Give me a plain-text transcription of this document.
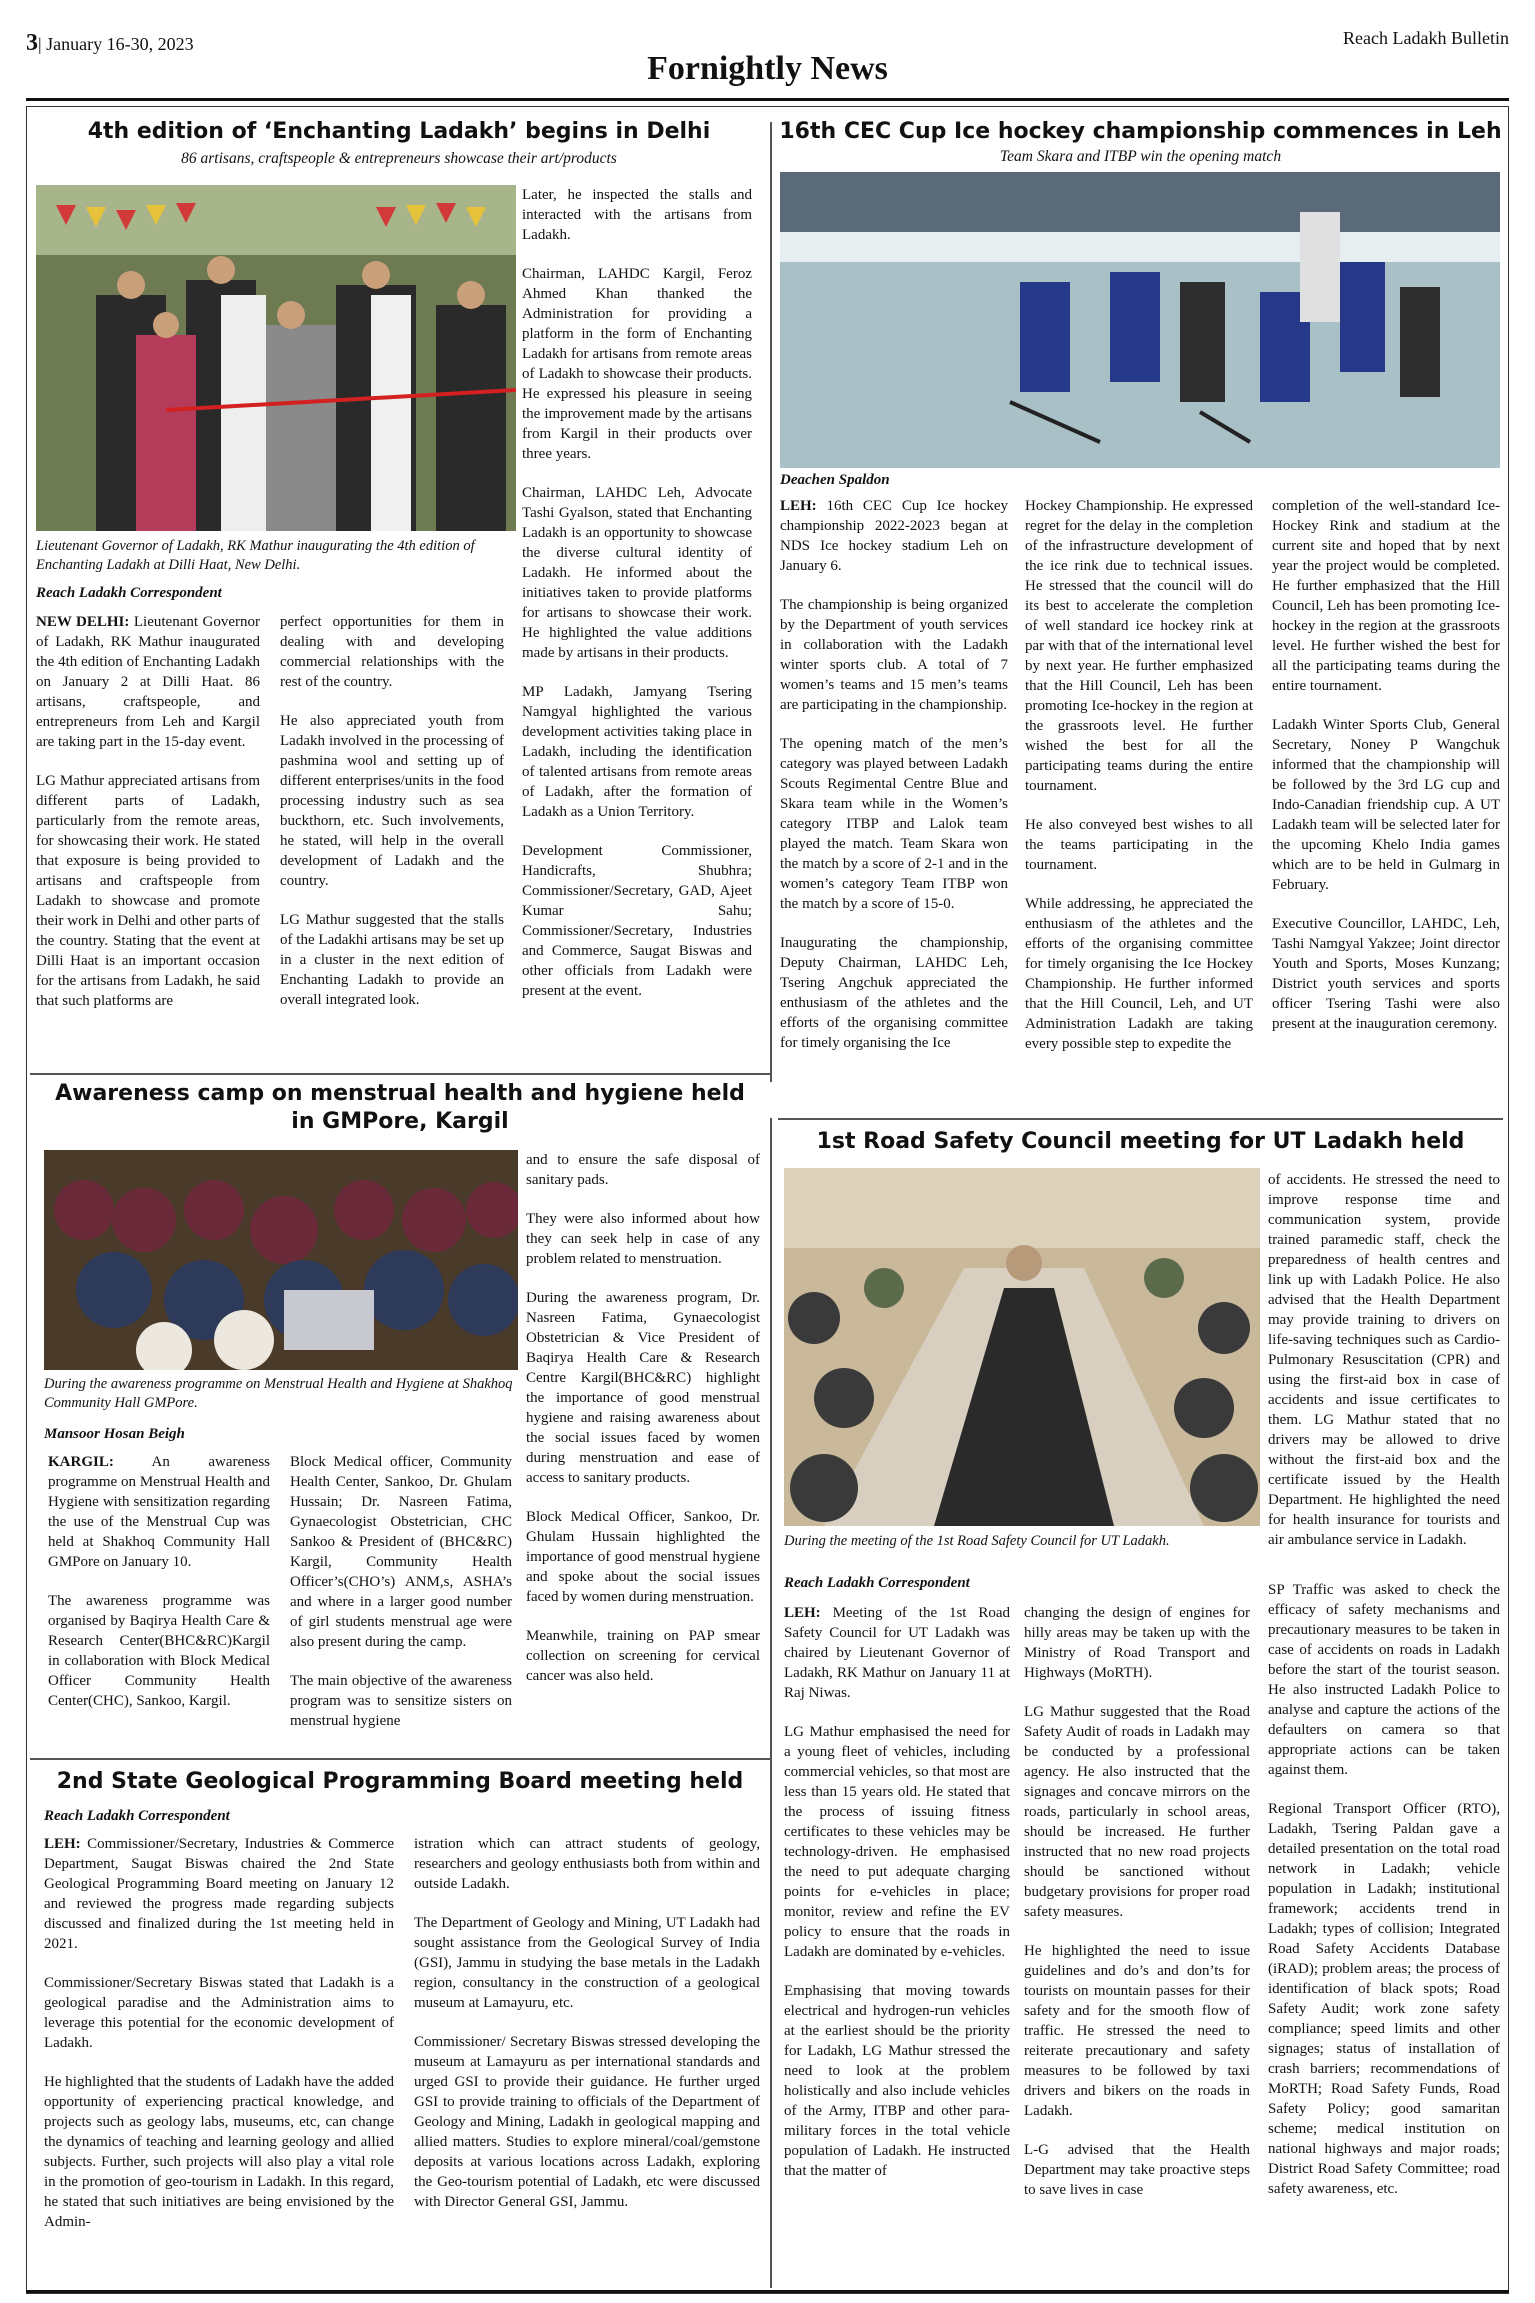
3| January 16-30, 2023	Reach Ladakh Bulletin
Fornightly News
4th edition of ‘Enchanting Ladakh’ begins in Delhi
86 artisans, craftspeople & entrepreneurs showcase their art/products
Lieutenant Governor of Ladakh, RK Mathur inaugurating the 4th edition of Enchanting Ladakh at Dilli Haat, New Delhi.
Reach Ladakh Correspondent

NEW DELHI: Lieutenant Governor of Ladakh, RK Mathur inaugurated the 4th edition of Enchanting Ladakh on January 2 at Dilli Haat. 86 artisans, craftspeople, and entrepreneurs from Leh and Kargil are taking part in the 15-day event.

LG Mathur appreciated artisans from different parts of Ladakh, particularly from the remote areas, for showcasing their work. He stated that exposure is being provided to artisans and craftspeople from Ladakh to showcase and promote their work in Delhi and other parts of the country. Stating that the event at Dilli Haat is an important occasion for the artisans from Ladakh, he said that such platforms are

perfect opportunities for them in dealing with and developing commercial relationships with the rest of the country.

He also appreciated youth from Ladakh involved in the processing of pashmina wool and setting up of different enterprises/units in the food processing industry such as sea buckthorn, etc. Such involvements, he stated, will help in the overall development of Ladakh and the country.

LG Mathur suggested that the stalls of the Ladakhi artisans may be set up in a cluster in the next edition of Enchanting Ladakh to provide an overall integrated look.

Later, he inspected the stalls and interacted with the artisans from Ladakh.

Chairman, LAHDC Kargil, Feroz Ahmed Khan thanked the Administration for providing a platform in the form of Enchanting Ladakh for artisans from remote areas of Ladakh to showcase their products. He expressed his pleasure in seeing the improvement made by the artisans from Kargil in their products over three years.

Chairman, LAHDC Leh, Advocate Tashi Gyalson, stated that Enchanting Ladakh is an opportunity to showcase the diverse cultural identity of Ladakh. He informed about the initiatives taken to provide platforms for artisans to showcase their work. He highlighted the value additions made by artisans in their products.

MP Ladakh, Jamyang Tsering Namgyal highlighted the various development activities taking place in Ladakh, including the identification of talented artisans from remote areas of Ladakh, after the formation of Ladakh as a Union Territory.

Development Commissioner, Handicrafts, Shubhra; Commissioner/Secretary, GAD, Ajeet Kumar Sahu; Commissioner/Secretary, Industries and Commerce, Saugat Biswas and other officials from Ladakh were present at the event.

16th CEC Cup Ice hockey championship commences in Leh
Team Skara and ITBP win the opening match
Deachen Spaldon

LEH: 16th CEC Cup Ice hockey championship 2022-2023 began at NDS Ice hockey stadium Leh on January 6.

The championship is being organized by the Department of youth services in collaboration with the Ladakh winter sports club. A total of 7 women’s teams and 15 men’s teams are participating in the championship.

The opening match of the men’s category was played between Ladakh Scouts Regimental Centre Blue and Skara team while in the Women’s category ITBP and Lalok team played the match. Team Skara won the match by a score of 2-1 and in the women’s category Team ITBP won the match by a score of 15-0.

Inaugurating the championship, Deputy Chairman, LAHDC Leh, Tsering Angchuk appreciated the enthusiasm of the athletes and the efforts of the organising committee for timely organising the Ice

Hockey Championship. He expressed regret for the delay in the completion of the infrastructure development of the ice rink due to technical issues. He stressed that the council will do its best to accelerate the completion of well standard ice hockey rink at par with that of the international level by next year. He further emphasized that the Hill Council, Leh has been promoting Ice-hockey in the region at the grassroots level. He further wished the best for all the participating teams during the entire tournament.

He also conveyed best wishes to all the teams participating in the tournament.

While addressing, he appreciated the enthusiasm of the athletes and the efforts of the organising committee for timely organising the Ice Hockey Championship. He further informed that the Hill Council, Leh, and UT Administration Ladakh are taking every possible step to expedite the

completion of the well-standard Ice-Hockey Rink and stadium at the current site and hoped that by next year the project would be completed. He further emphasized that the Hill Council, Leh has been promoting Ice-hockey in the region at the grassroots level. He further wished the best for all the participating teams during the entire tournament.

Ladakh Winter Sports Club, General Secretary, Noney P Wangchuk informed that the championship will be followed by the 3rd LG cup and Indo-Canadian friendship cup. A UT Ladakh team will be selected later for the upcoming Khelo India games which are to be held in Gulmarg in February.

Executive Councillor, LAHDC, Leh, Tashi Namgyal Yakzee; Joint director Youth and Sports, Moses Kunzang; District youth services and sports officer Tsering Tashi were also present at the inauguration ceremony.

Awareness camp on menstrual health and hygiene held in GMPore, Kargil
During the awareness programme on Menstrual Health and Hygiene at Shakhoq Community Hall GMPore.
Mansoor Hosan Beigh

KARGIL:	An awareness programme on Menstrual Health and Hygiene with sensitization regarding the use of the Menstrual Cup was held at Shakhoq Community Hall GMPore on January 10.

The awareness programme was organised by Baqirya Health Care & Research Center(BHC&RC)Kargil in collaboration with Block Medical Officer Community Health Center(CHC), Sankoo, Kargil.

Block Medical officer, Community Health Center, Sankoo, Dr. Ghulam Hussain; Dr. Nasreen Fatima, Gynaecologist Obstetrician, CHC Sankoo & President of (BHC&RC) Kargil, Community Health Officer’s(CHO’s) ANM,s, ASHA’s and where in a larger good number of girl students menstrual age were also present during the camp.

The main objective of the awareness program was to sensitize sisters on menstrual hygiene

and to ensure the safe disposal of sanitary pads.

They were also informed about how they can seek help in case of any problem related to menstruation.

During the awareness program, Dr. Nasreen Fatima, Gynaecologist Obstetrician & Vice President of Baqirya Health Care & Research Centre Kargil(BHC&RC) highlight the importance of good menstrual hygiene and raising awareness about the social issues faced by women during menstruation and ease of access to sanitary products.

Block Medical Officer, Sankoo, Dr. Ghulam Hussain highlighted the importance of good menstrual hygiene and spoke about the social issues faced by women during menstruation.

Meanwhile, training on PAP smear collection on screening for cervical cancer was also held.

1st Road Safety Council meeting for UT Ladakh held
During the meeting of the 1st Road Safety Council for UT Ladakh.

of accidents. He stressed the need to improve response time and communication system, provide trained paramedic staff, check the preparedness of health centres and link up with Ladakh Police. He also advised that the Health Department may provide training to drivers on life-saving techniques such as Cardio-Pulmonary Resuscitation (CPR) and using the first-aid box in case of accidents and issue certificates to them. LG Mathur stated that no drivers may be allowed to drive without the first-aid box and the certificate issued by the Health Department. He highlighted the need for health insurance for tourists and air ambulance service in Ladakh.

Reach Ladakh Correspondent

LEH: Meeting of the 1st Road Safety Council for UT Ladakh was chaired by Lieutenant Governor of Ladakh, RK Mathur on January 11 at Raj Niwas.

LG Mathur emphasised the need for a young fleet of vehicles, including commercial vehicles, so that most are less than 15 years old. He stated that the process of issuing fitness certificates to these vehicles may be technology-driven. He emphasised the need to put adequate charging points for e-vehicles in place; monitor, review and refine the EV policy to ensure that the roads in Ladakh are dominated by e-vehicles.

Emphasising that moving towards electrical and hydrogen-run vehicles at the earliest should be the priority for Ladakh, LG Mathur stressed the need to look at the problem holistically and also include vehicles of the Army, ITBP and other para-military forces in the total vehicle population of Ladakh. He instructed that the matter of

changing the design of engines for hilly areas may be taken up with the Ministry of Road Transport and Highways (MoRTH).

LG Mathur suggested that the Road Safety Audit of roads in Ladakh may be conducted by a professional agency. He also instructed that the signages and concave mirrors on the roads, particularly in school areas, should be increased. He further instructed that no new road projects should be sanctioned without budgetary provisions for proper road safety measures.

He highlighted the need to issue guidelines and do’s and don’ts for tourists on mountain passes for their safety and for the smooth flow of traffic. He stressed the need to reiterate precautionary and safety measures to be followed by taxi drivers and bikers on the roads in Ladakh.

L-G advised that the Health Department may take proactive steps to save lives in case

SP Traffic was asked to check the efficacy of safety mechanisms and precautionary measures to be taken in case of accidents on roads in Ladakh before the start of the tourist season. He also instructed Ladakh Police to analyse and capture the actions of the defaulters on camera so that appropriate actions can be taken against them.

Regional Transport Officer (RTO), Ladakh, Tsering Paldan gave a detailed presentation on the total road network in Ladakh; vehicle population in Ladakh; institutional framework; accidents trend in Ladakh; types of collision; Integrated Road Safety Accidents Database (iRAD); problem areas; the process of identification of black spots; Road Safety Audit; work zone safety compliance; speed limits and other signages; status of installation of crash barriers; recommendations of MoRTH; Road Safety Funds, Road Safety Policy; good samaritan scheme; medical institution on national highways and major roads; District Road Safety Committee; road safety awareness, etc.

2nd State Geological Programming Board meeting held
Reach Ladakh Correspondent

LEH: Commissioner/Secretary, Industries & Commerce Department, Saugat Biswas chaired the 2nd State Geological Programming Board meeting on January 12 and reviewed the progress made regarding subjects discussed and finalized during the 1st meeting held in 2021.

Commissioner/Secretary Biswas stated that Ladakh is a geological paradise and the Administration aims to leverage this potential for the economic development of Ladakh.

He highlighted that the students of Ladakh have the added opportunity of experiencing practical knowledge, and projects such as geology labs, museums, etc, can change the dynamics of teaching and learning geology and allied subjects. Further, such projects will also play a vital role in the promotion of geo-tourism in Ladakh. In this regard, he stated that such initiatives are being envisioned by the Admin-

istration which can attract students of geology, researchers and geology enthusiasts both from within and outside Ladakh.

The Department of Geology and Mining, UT Ladakh had sought assistance from the Geological Survey of India (GSI), Jammu in studying the base metals in the Ladakh region, consultancy in the construction of a geological museum at Lamayuru, etc.

Commissioner/ Secretary Biswas stressed developing the museum at Lamayuru as per international standards and urged GSI to provide their guidance. He further urged GSI to provide training to officials of the Department of Geology and Mining, Ladakh in geological mapping and allied matters. Studies to explore mineral/coal/gemstone deposits at various locations across Ladakh, exploring the Geo-tourism potential of Ladakh, etc were discussed with Director General GSI, Jammu.
